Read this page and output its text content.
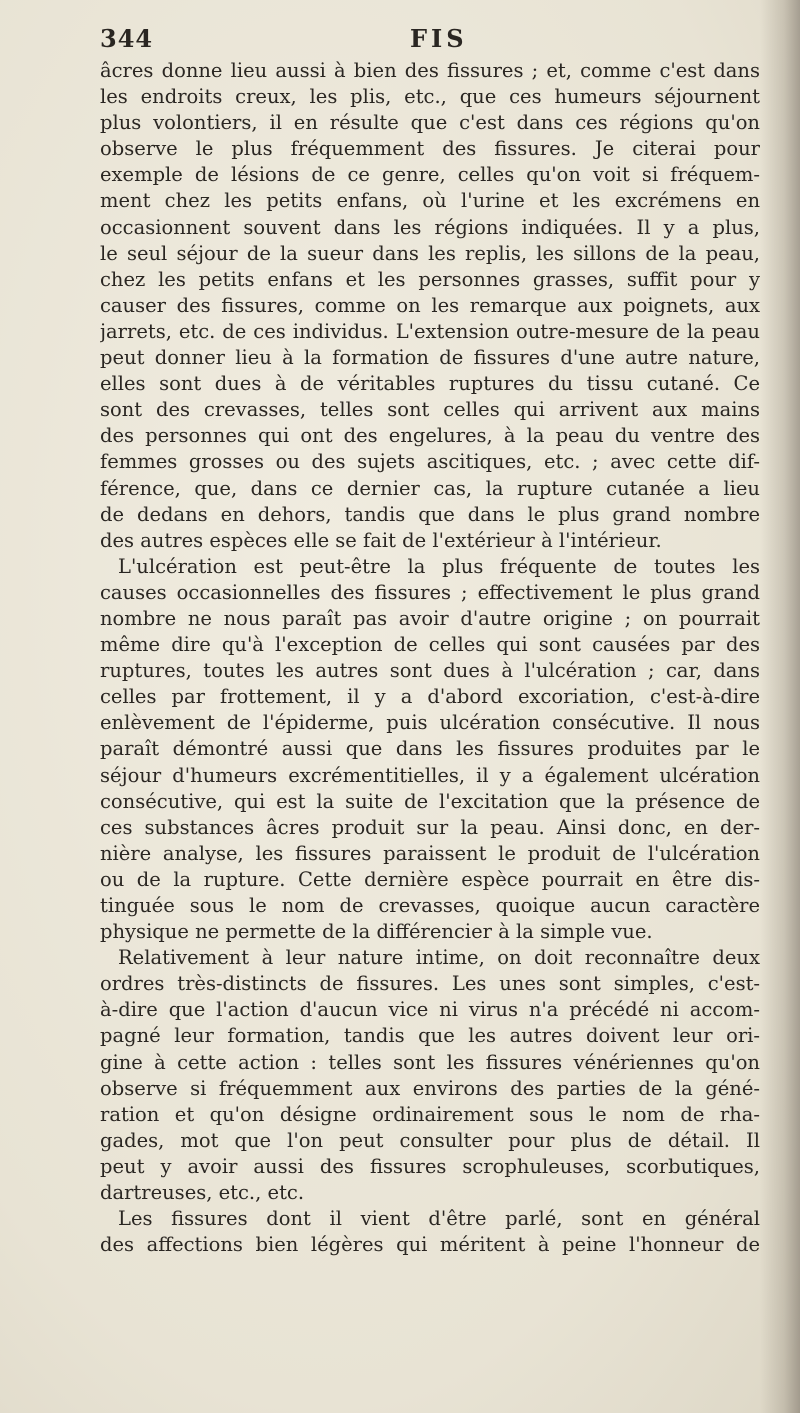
344	FIS
âcres donne lieu aussi à bien des fissures ; et, comme c'est dans
les endroits creux, les plis, etc., que ces humeurs séjournent
plus volontiers, il en résulte que c'est dans ces régions qu'on
observe le plus fréquemment des fissures. Je citerai pour
exemple de lésions de ce genre, celles qu'on voit si fréquem-
ment chez les petits enfans, où l'urine et les excrémens en
occasionnent souvent dans les régions indiquées. Il y a plus,
le seul séjour de la sueur dans les replis, les sillons de la peau,
chez les petits enfans et les personnes grasses, suffit pour y
causer des fissures, comme on les remarque aux poignets, aux
jarrets, etc. de ces individus. L'extension outre-mesure de la peau
peut donner lieu à la formation de fissures d'une autre nature,
elles sont dues à de véritables ruptures du tissu cutané. Ce
sont des crevasses, telles sont celles qui arrivent aux mains
des personnes qui ont des engelures, à la peau du ventre des
femmes grosses ou des sujets ascitiques, etc. ; avec cette dif-
férence, que, dans ce dernier cas, la rupture cutanée a lieu
de dedans en dehors, tandis que dans le plus grand nombre
des autres espèces elle se fait de l'extérieur à l'intérieur.
L'ulcération est peut-être la plus fréquente de toutes les
causes occasionnelles des fissures ; effectivement le plus grand
nombre ne nous paraît pas avoir d'autre origine ; on pourrait
même dire qu'à l'exception de celles qui sont causées par des
ruptures, toutes les autres sont dues à l'ulcération ; car, dans
celles par frottement, il y a d'abord excoriation, c'est-à-dire
enlèvement de l'épiderme, puis ulcération consécutive. Il nous
paraît démontré aussi que dans les fissures produites par le
séjour d'humeurs excrémentitielles, il y a également ulcération
consécutive, qui est la suite de l'excitation que la présence de
ces substances âcres produit sur la peau. Ainsi donc, en der-
nière analyse, les fissures paraissent le produit de l'ulcération
ou de la rupture. Cette dernière espèce pourrait en être dis-
tinguée sous le nom de crevasses, quoique aucun caractère
physique ne permette de la différencier à la simple vue.
Relativement à leur nature intime, on doit reconnaître deux
ordres très-distincts de fissures. Les unes sont simples, c'est-
à-dire que l'action d'aucun vice ni virus n'a précédé ni accom-
pagné leur formation, tandis que les autres doivent leur ori-
gine à cette action : telles sont les fissures vénériennes qu'on
observe si fréquemment aux environs des parties de la géné-
ration et qu'on désigne ordinairement sous le nom de rha-
gades, mot que l'on peut consulter pour plus de détail. Il
peut y avoir aussi des fissures scrophuleuses, scorbutiques,
dartreuses, etc., etc.
Les fissures dont il vient d'être parlé, sont en général
des affections bien légères qui méritent à peine l'honneur de
